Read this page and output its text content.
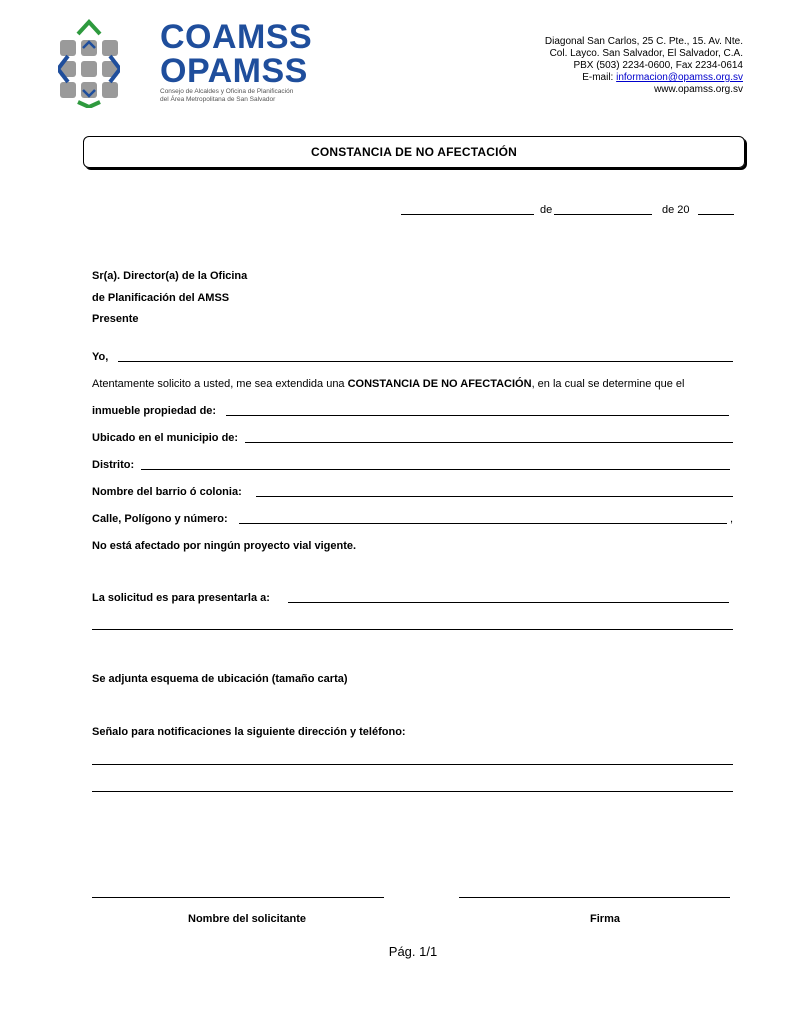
COAMSS
OPAMSS
Consejo de Alcaldes y Oficina de Planificación
del Área Metropolitana de San Salvador
Diagonal San Carlos, 25 C. Pte., 15. Av. Nte.
Col. Layco. San Salvador, El Salvador, C.A.
PBX (503) 2234-0600, Fax 2234-0614
E-mail: informacion@opamss.org.sv
www.opamss.org.sv
CONSTANCIA DE NO AFECTACIÓN
de	de 20
Sr(a). Director(a) de la Oficina
de Planificación del AMSS
Presente
Yo,
Atentamente solicito a usted, me sea extendida una CONSTANCIA DE NO AFECTACIÓN, en la cual se determine que el
inmueble propiedad de:
Ubicado en el municipio de:
Distrito:
Nombre del barrio ó colonia:
Calle, Polígono y número:	,
No está afectado por ningún proyecto vial vigente.
La solicitud es para presentarla a:
Se adjunta esquema de ubicación (tamaño carta)
Señalo para notificaciones la siguiente dirección y teléfono:
Nombre del solicitante	Firma
Pág. 1/1
